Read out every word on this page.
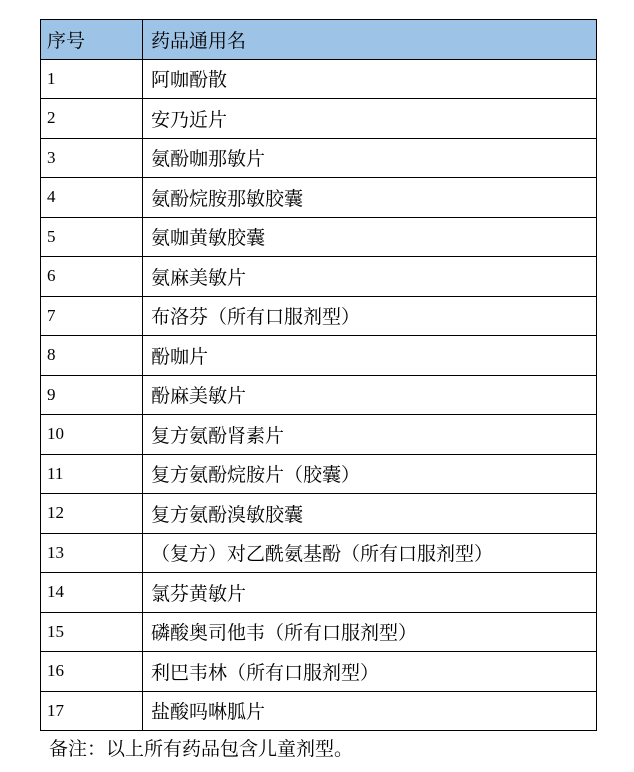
序号	药品通用名
1	阿咖酚散
2	安乃近片
3	氨酚咖那敏片
4	氨酚烷胺那敏胶囊
5	氨咖黄敏胶囊
6	氨麻美敏片
7	布洛芬（所有口服剂型）
8	酚咖片
9	酚麻美敏片
10	复方氨酚肾素片
11	复方氨酚烷胺片（胶囊）
12	复方氨酚溴敏胶囊
13	（复方）对乙酰氨基酚（所有口服剂型）
14	氯芬黄敏片
15	磷酸奥司他韦（所有口服剂型）
16	利巴韦林（所有口服剂型）
17	盐酸吗啉胍片
备注：以上所有药品包含儿童剂型。
